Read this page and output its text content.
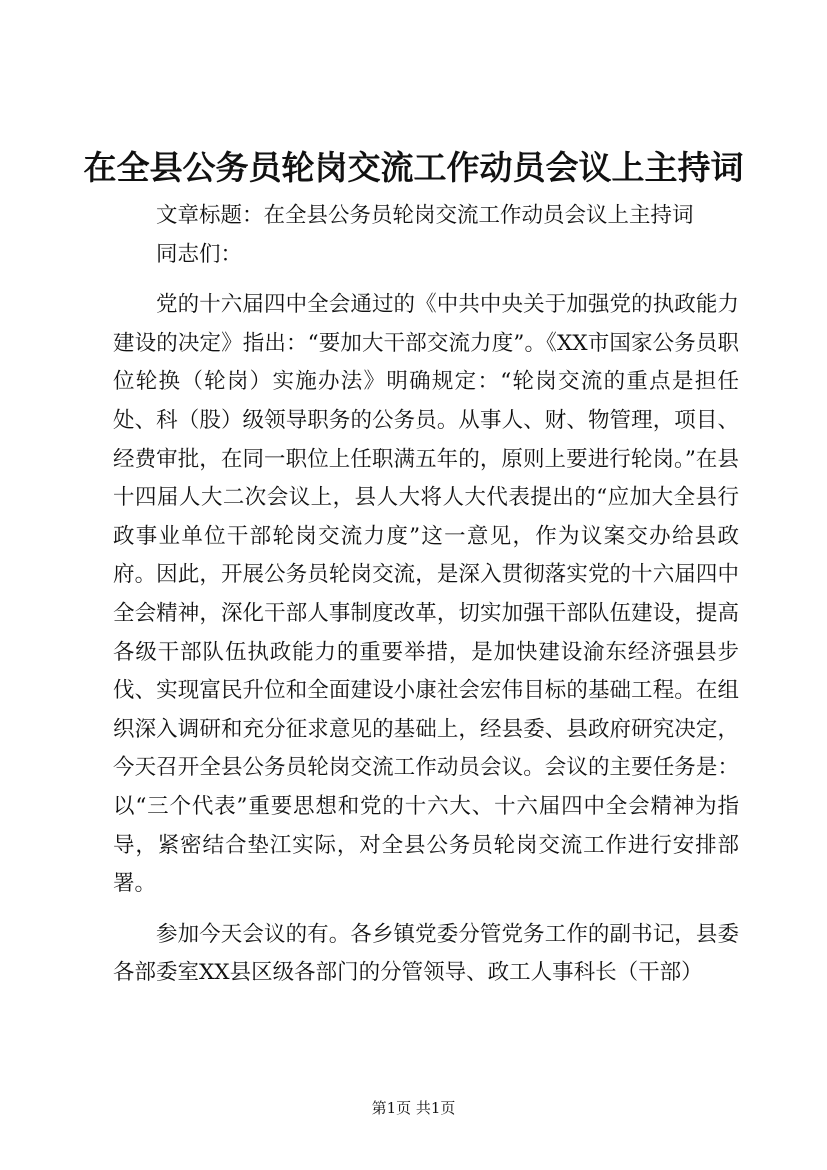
在全县公务员轮岗交流工作动员会议上主持词

文章标题：在全县公务员轮岗交流工作动员会议上主持词

同志们：

党的十六届四中全会通过的《中共中央关于加强党的执政能力建设的决定》指出：“要加大干部交流力度”。《XX市国家公务员职位轮换（轮岗）实施办法》明确规定：“轮岗交流的重点是担任处、科（股）级领导职务的公务员。从事人、财、物管理，项目、经费审批，在同一职位上任职满五年的，原则上要进行轮岗。”在县十四届人大二次会议上，县人大将人大代表提出的“应加大全县行政事业单位干部轮岗交流力度”这一意见，作为议案交办给县政府。因此，开展公务员轮岗交流，是深入贯彻落实党的十六届四中全会精神，深化干部人事制度改革，切实加强干部队伍建设，提高各级干部队伍执政能力的重要举措，是加快建设渝东经济强县步伐、实现富民升位和全面建设小康社会宏伟目标的基础工程。在组织深入调研和充分征求意见的基础上，经县委、县政府研究决定，今天召开全县公务员轮岗交流工作动员会议。会议的主要任务是：以“三个代表”重要思想和党的十六大、十六届四中全会精神为指导，紧密结合垫江实际，对全县公务员轮岗交流工作进行安排部署。

参加今天会议的有。各乡镇党委分管党务工作的副书记，县委各部委室XX县区级各部门的分管领导、政工人事科长（干部）

第1页 共1页
